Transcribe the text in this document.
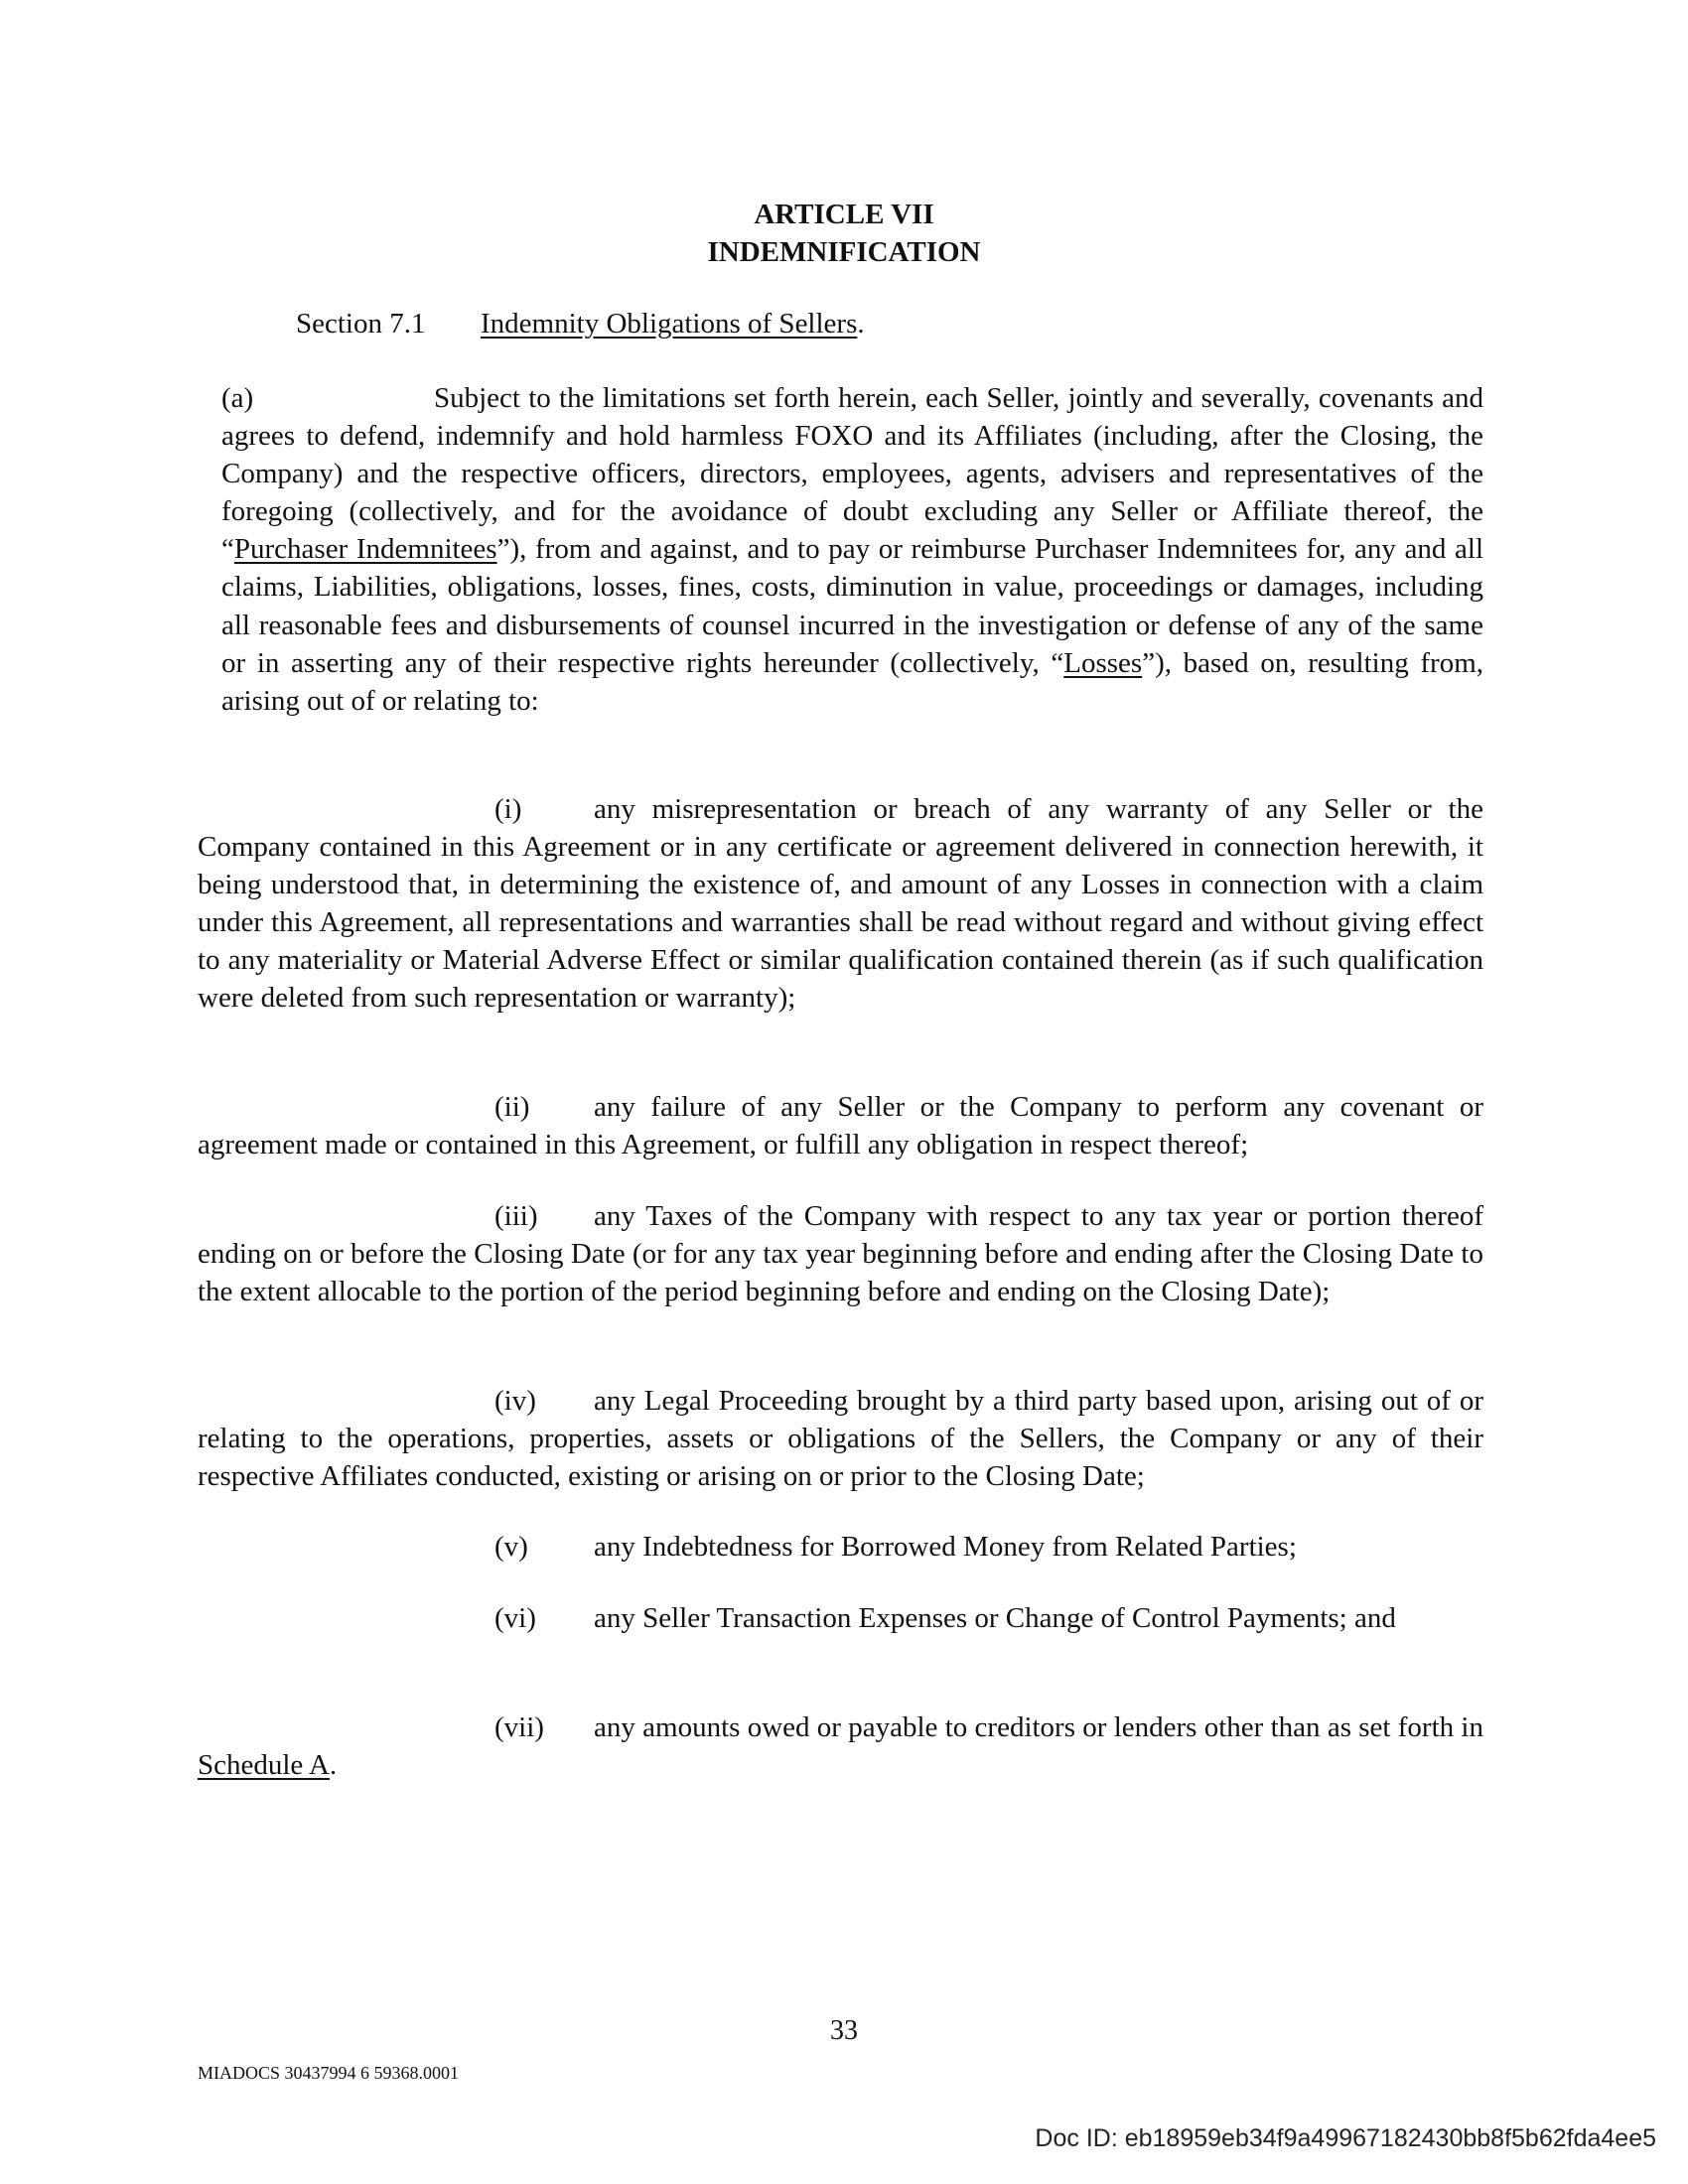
ARTICLE VII
INDEMNIFICATION
Section 7.1 Indemnity Obligations of Sellers.
(a)	Subject to the limitations set forth herein, each Seller, jointly and severally, covenants and agrees to defend, indemnify and hold harmless FOXO and its Affiliates (including, after the Closing, the Company) and the respective officers, directors, employees, agents, advisers and representatives of the foregoing (collectively, and for the avoidance of doubt excluding any Seller or Affiliate thereof, the “Purchaser Indemnitees”), from and against, and to pay or reimburse Purchaser Indemnitees for, any and all claims, Liabilities, obligations, losses, fines, costs, diminution in value, proceedings or damages, including all reasonable fees and disbursements of counsel incurred in the investigation or defense of any of the same or in asserting any of their respective rights hereunder (collectively, “Losses”), based on, resulting from, arising out of or relating to:
(i)	any misrepresentation or breach of any warranty of any Seller or the Company contained in this Agreement or in any certificate or agreement delivered in connection herewith, it being understood that, in determining the existence of, and amount of any Losses in connection with a claim under this Agreement, all representations and warranties shall be read without regard and without giving effect to any materiality or Material Adverse Effect or similar qualification contained therein (as if such qualification were deleted from such representation or warranty);
(ii) any failure of any Seller or the Company to perform any covenant or agreement made or contained in this Agreement, or fulfill any obligation in respect thereof;
(iii) any Taxes of the Company with respect to any tax year or portion thereof ending on or before the Closing Date (or for any tax year beginning before and ending after the Closing Date to the extent allocable to the portion of the period beginning before and ending on the Closing Date);
(iv) any Legal Proceeding brought by a third party based upon, arising out of or relating to the operations, properties, assets or obligations of the Sellers, the Company or any of their respective Affiliates conducted, existing or arising on or prior to the Closing Date;
(v) any Indebtedness for Borrowed Money from Related Parties;
(vi) any Seller Transaction Expenses or Change of Control Payments; and
(vii) any amounts owed or payable to creditors or lenders other than as set forth in Schedule A.
33
MIADOCS 30437994 6 59368.0001
Doc ID: eb18959eb34f9a49967182430bb8f5b62fda4ee5
